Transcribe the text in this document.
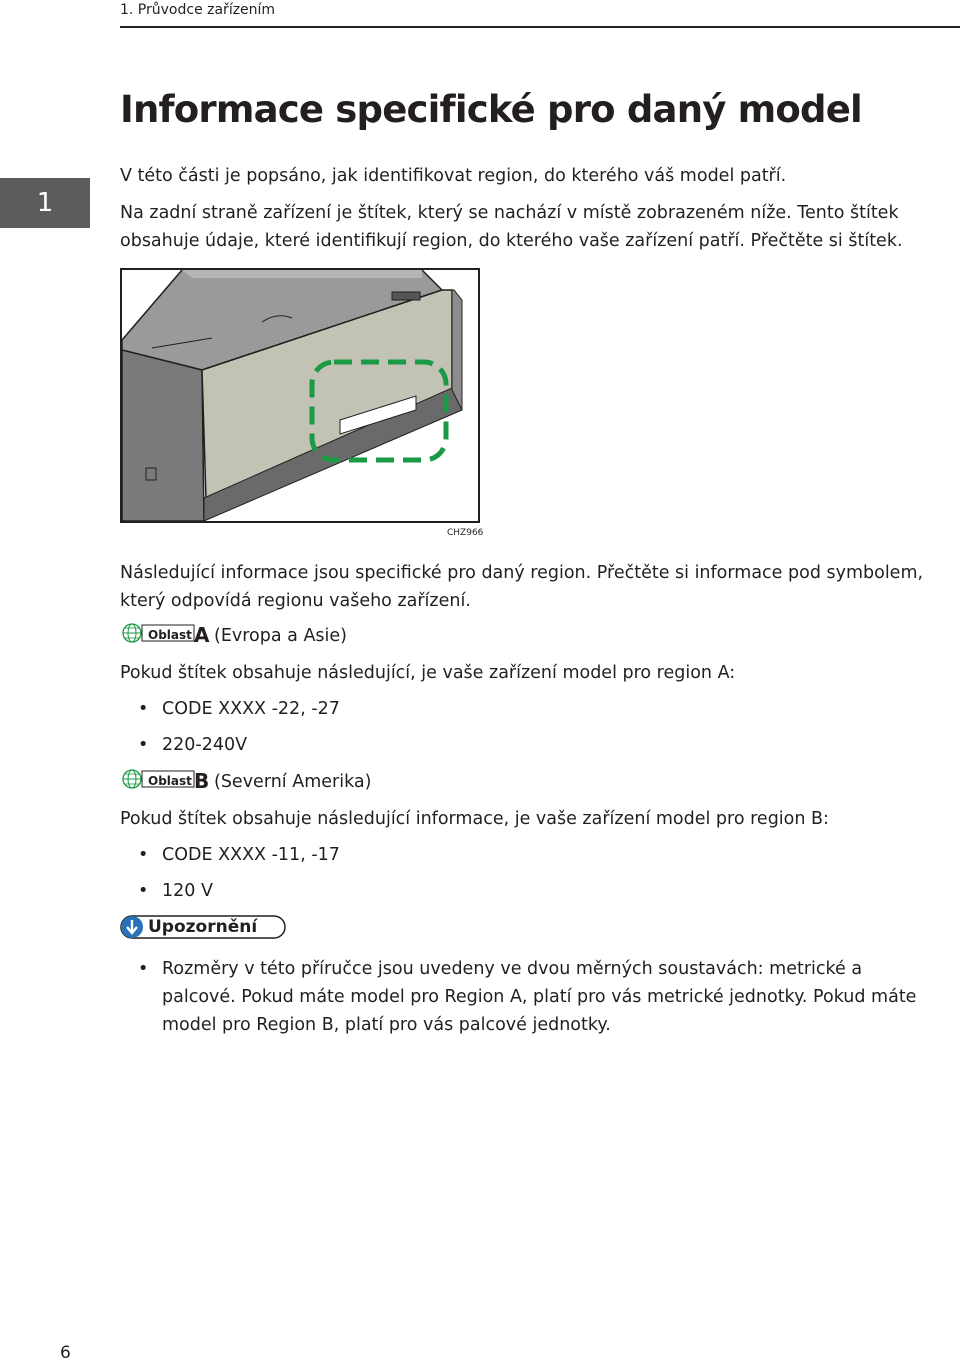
1. Průvodce zařízením
1
Informace specifické pro daný model

V této části je popsáno, jak identifikovat region, do kterého váš model patří.

Na zadní straně zařízení je štítek, který se nachází v místě zobrazeném níže. Tento štítek obsahuje údaje, které identifikují region, do kterého vaše zařízení patří. Přečtěte si štítek.

CHZ966

Následující informace jsou specifické pro daný region. Přečtěte si informace pod symbolem, který odpovídá regionu vašeho zařízení.

Oblast A (Evropa a Asie)

Pokud štítek obsahuje následující, je vaše zařízení model pro region A:

• CODE XXXX -22, -27
• 220-240V
Oblast B (Severní Amerika)

Pokud štítek obsahuje následující informace, je vaše zařízení model pro region B:

• CODE XXXX -11, -17
• 120 V
Upozornění
• Rozměry v této příručce jsou uvedeny ve dvou měrných soustavách: metrické a palcové. Pokud máte model pro Region A, platí pro vás metrické jednotky. Pokud máte model pro Region B, platí pro vás palcové jednotky.
6
